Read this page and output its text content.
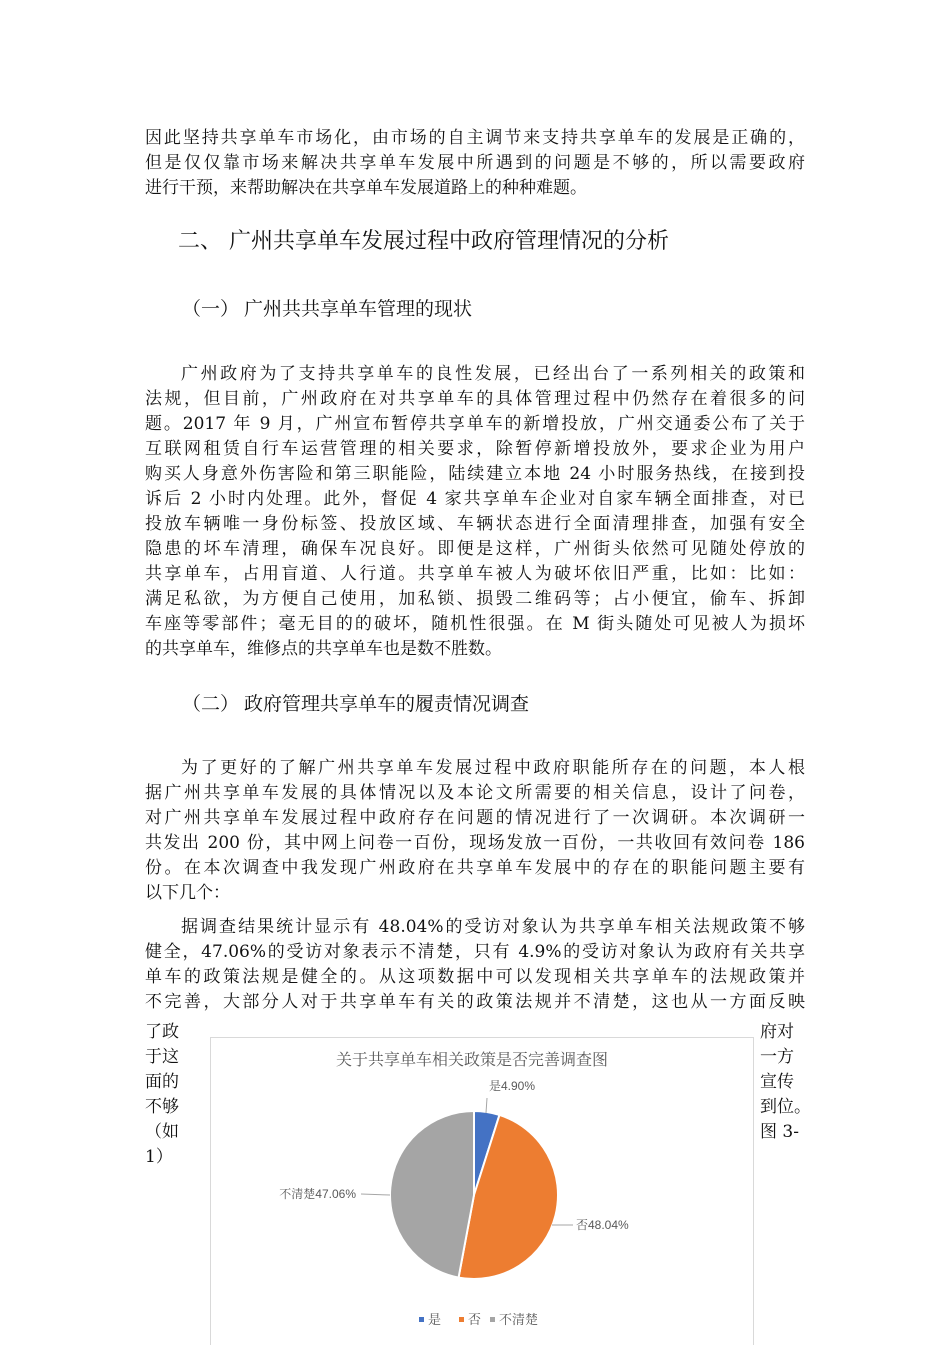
因此坚持共享单车市场化，由市场的自主调节来支持共享单车的发展是正确的，
但是仅仅靠市场来解决共享单车发展中所遇到的问题是不够的，所以需要政府
进行干预，来帮助解决在共享单车发展道路上的种种难题。
二、 广州共享单车发展过程中政府管理情况的分析
（一） 广州共共享单车管理的现状
广州政府为了支持共享单车的良性发展，已经出台了一系列相关的政策和
法规，但目前，广州政府在对共享单车的具体管理过程中仍然存在着很多的问
题。2017 年 9 月，广州宣布暂停共享单车的新增投放，广州交通委公布了关于
互联网租赁自行车运营管理的相关要求，除暂停新增投放外，要求企业为用户
购买人身意外伤害险和第三职能险，陆续建立本地 24 小时服务热线，在接到投
诉后 2 小时内处理。此外，督促 4 家共享单车企业对自家车辆全面排查，对已
投放车辆唯一身份标签、投放区域、车辆状态进行全面清理排查，加强有安全
隐患的坏车清理，确保车况良好。即便是这样，广州街头依然可见随处停放的
共享单车，占用盲道、人行道。共享单车被人为破坏依旧严重，比如：比如：
满足私欲，为方便自己使用，加私锁、损毁二维码等；占小便宜，偷车、拆卸
车座等零部件；毫无目的的破坏，随机性很强。在 M 街头随处可见被人为损坏
的共享单车，维修点的共享单车也是数不胜数。
（二） 政府管理共享单车的履责情况调查
为了更好的了解广州共享单车发展过程中政府职能所存在的问题，本人根
据广州共享单车发展的具体情况以及本论文所需要的相关信息，设计了问卷，
对广州共享单车发展过程中政府存在问题的情况进行了一次调研。本次调研一
共发出 200 份，其中网上问卷一百份，现场发放一百份，一共收回有效问卷 186
份。在本次调查中我发现广州政府在共享单车发展中的存在的职能问题主要有
以下几个：
据调查结果统计显示有 48.04%的受访对象认为共享单车相关法规政策不够
健全，47.06%的受访对象表示不清楚，只有 4.9%的受访对象认为政府有关共享
单车的政策法规是健全的。从这项数据中可以发现相关共享单车的法规政策并
不完善，大部分人对于共享单车有关的政策法规并不清楚，这也从一方面反映
了政
于这
面的
不够
（如
1）
府对
一方
宣传
到位。
图 3-
关于共享单车相关政策是否完善调查图
是4.90%
否48.04%
不清楚47.06%
是 否 不清楚
